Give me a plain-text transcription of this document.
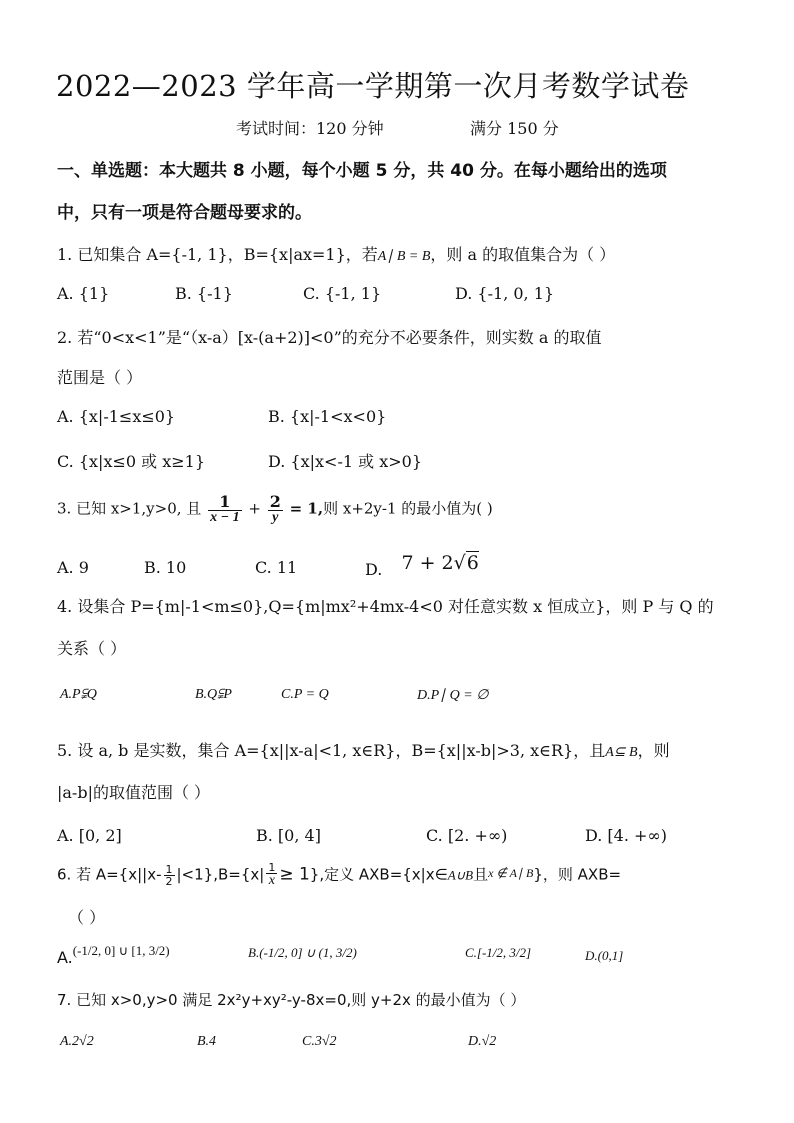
2022—2023 学年高一学期第一次月考数学试卷
考试时间：120 分钟	满分 150 分
一、单选题：本大题共 8 小题，每个小题 5 分，共 40 分。在每小题给出的选项
中，只有一项是符合题母要求的。
1. 已知集合 A={-1, 1}，B={x|ax=1}，若A∣ B = B，则 a 的取值集合为（ ）
A. {1}	B. {-1}	C. {-1, 1}	D. {-1, 0, 1}
2. 若“0<x<1”是“（x-a）[x-(a+2)]<0”的充分不必要条件，则实数 a 的取值
范围是（ ）
A. {x|-1≤x≤0}	B. {x|-1<x<0}
C. {x|x≤0 或 x≥1}	D. {x|x<-1 或 x>0}
3. 已知 x>1,y>0, 且 $\frac{1}{x - 1} + \frac{2}{y} = 1$,则 x+2y-1 的最小值为( )
A. 9	B. 10	C. 11	D. 7 + 2√6
4. 设集合 P={m|-1<m≤0},Q={m|mx²+4mx-4<0 对任意实数 x 恒成立}，则 P 与 Q 的
关系（ ）
A.P⫋Q	B.Q⫋P	C.P = Q	D.P∣ Q = ∅
5. 设 a, b 是实数，集合 A={x||x-a|<1, x∈R}，B={x||x-b|>3, x∈R}，且A⊆ B，则
|a-b|的取值范围（ ）
A. [0, 2]	B. [0, 4]	C. [2. +∞)	D. [4. +∞)
6. 若 $A=\{x||x- \frac{1}{2} |<1\},B=\{x| \frac{1}{x} \ge 1\}$,定义 AXB={x|x∈A∪B且$^{x \notin A∣ B}$}，则 AXB=
（ ）
A.(-1/2, 0] ∪ [1, 3/2)	B.(-1/2, 0] ∪ (1, 3/2)	C.[-1/2, 3/2]	D.(0,1]
7. 已知 x>0,y>0 满足 2x²y+xy²-y-8x=0,则 y+2x 的最小值为（ ）
A.2√2	B.4	C.3√2	D.√2
